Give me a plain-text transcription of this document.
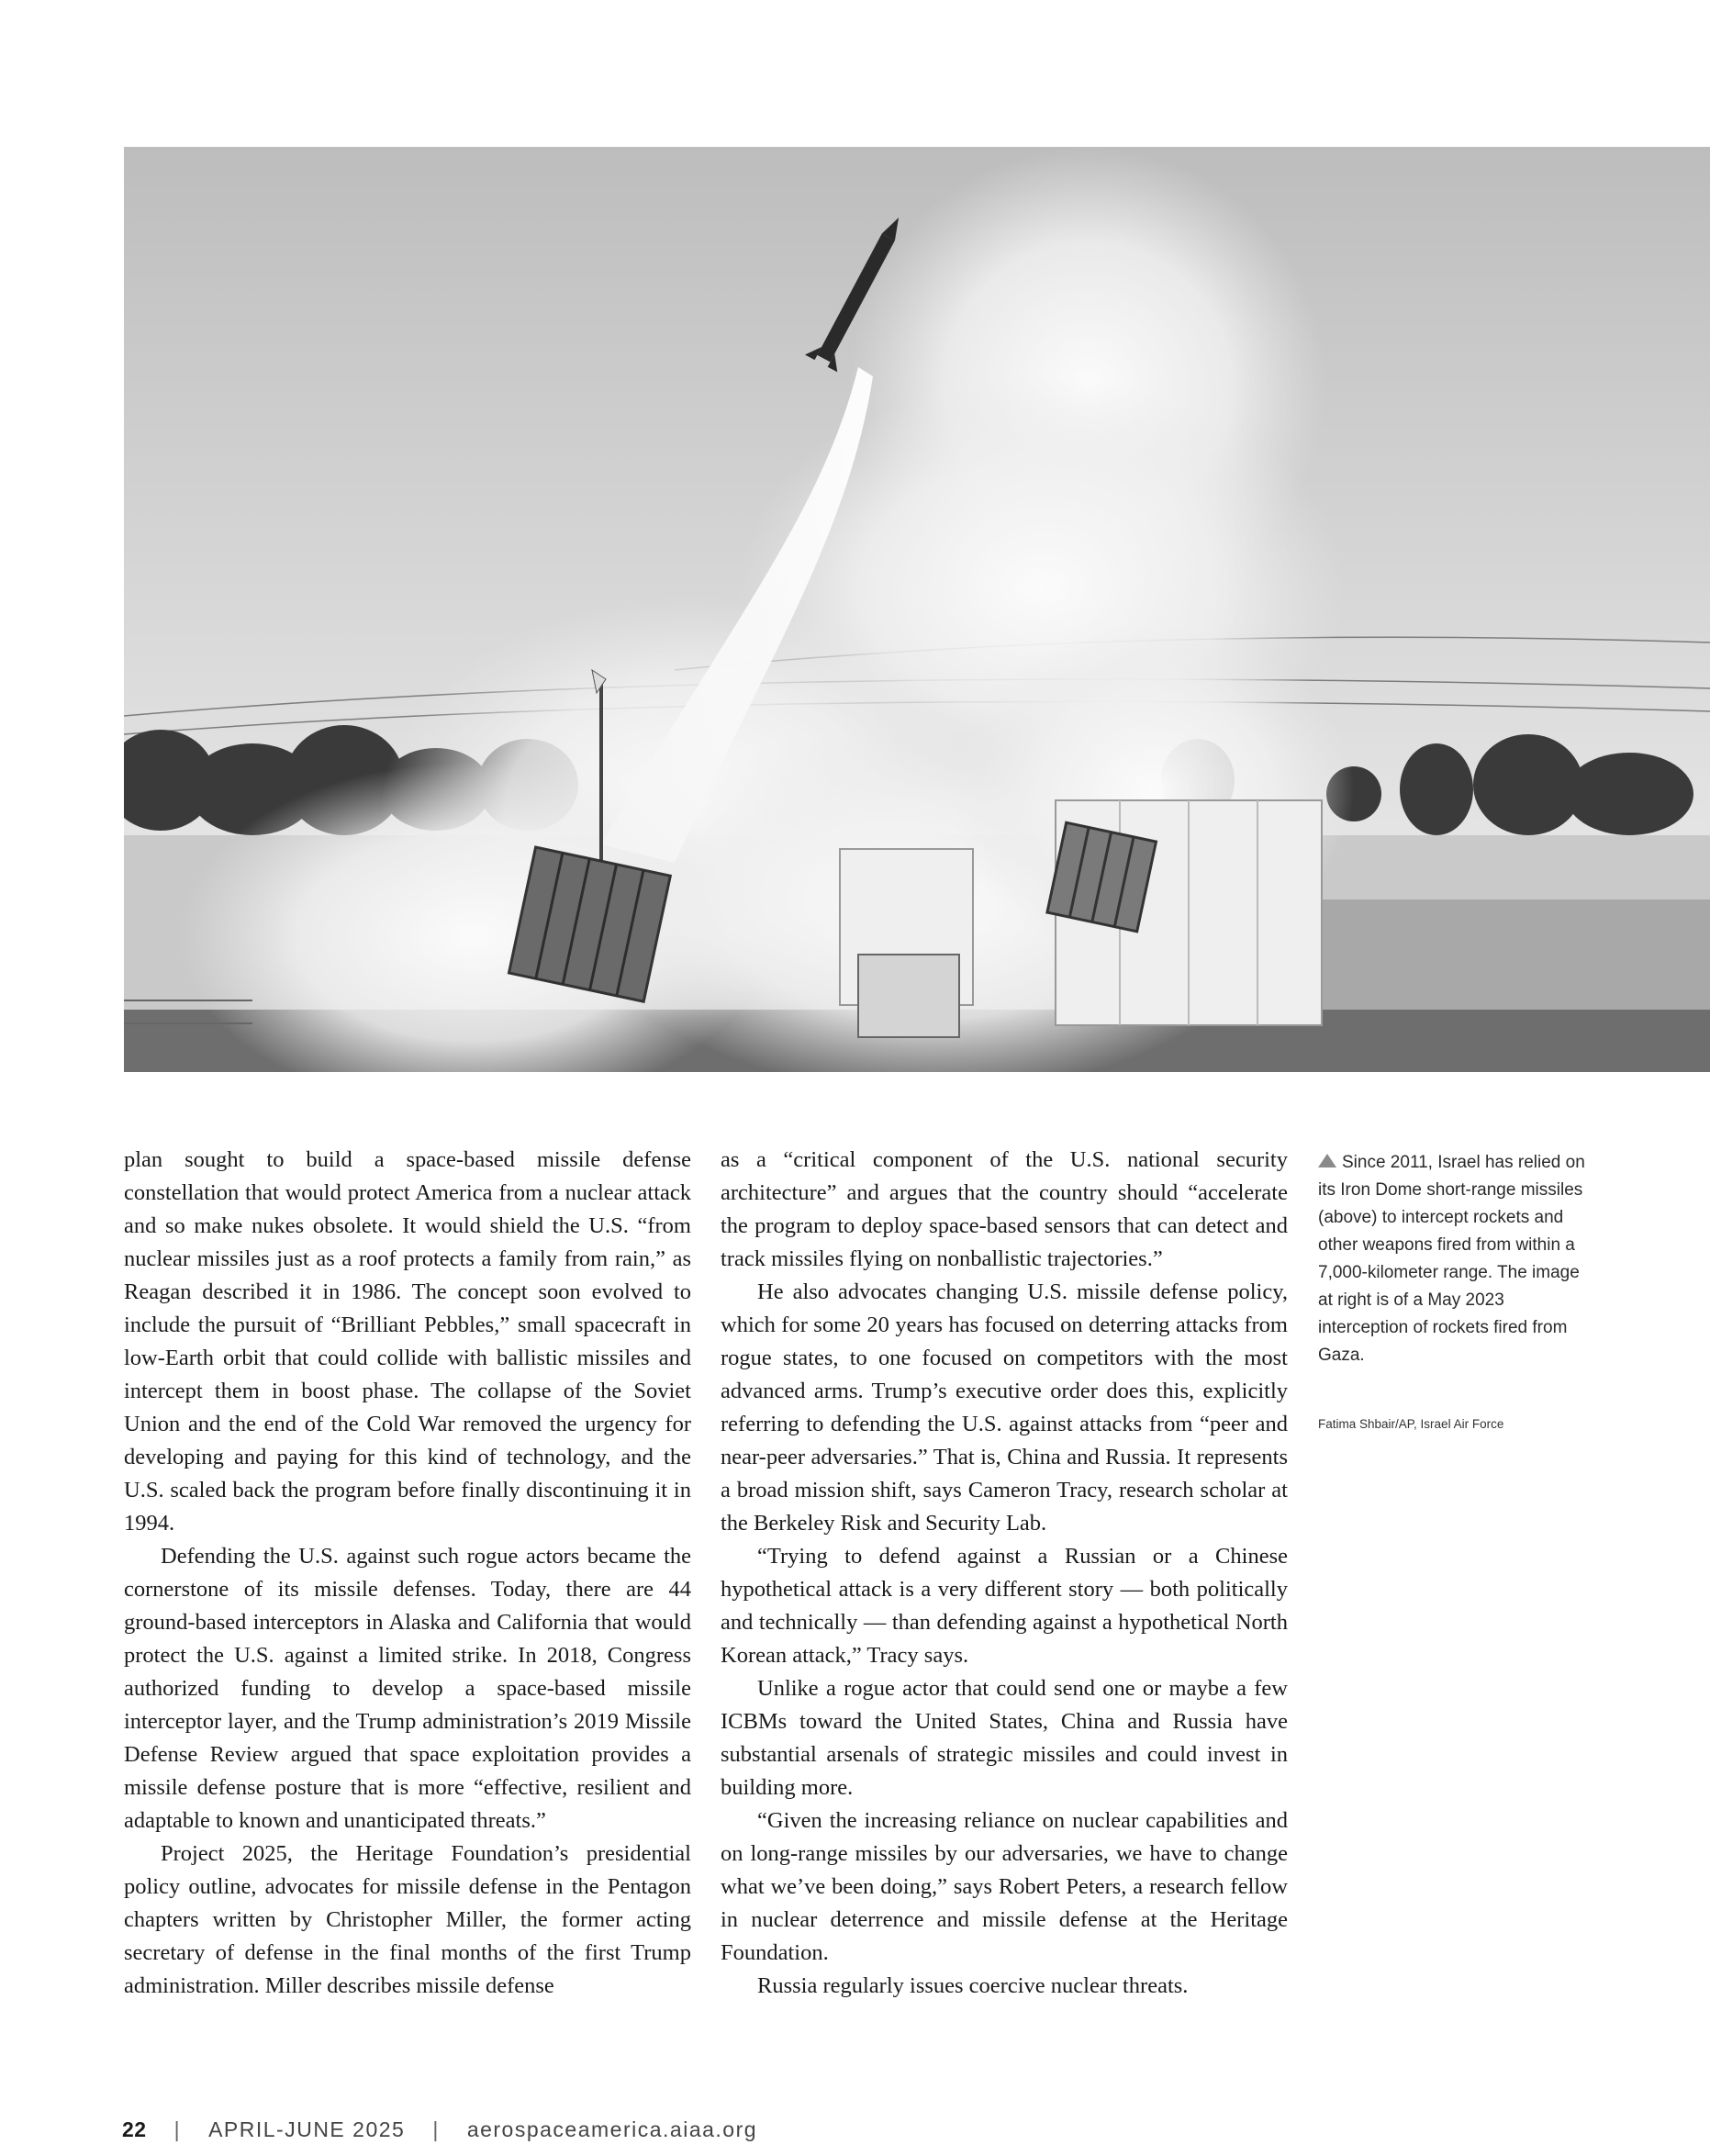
plan sought to build a space-based missile defense constellation that would protect America from a nuclear attack and so make nukes obsolete. It would shield the U.S. “from nuclear missiles just as a roof protects a family from rain,” as Reagan described it in 1986. The concept soon evolved to include the pursuit of “Brilliant Pebbles,” small spacecraft in low-Earth orbit that could collide with ballistic missiles and intercept them in boost phase. The collapse of the Soviet Union and the end of the Cold War removed the urgency for developing and paying for this kind of technology, and the U.S. scaled back the program before finally discontinuing it in 1994.

Defending the U.S. against such rogue actors became the cornerstone of its missile defenses. Today, there are 44 ground-based interceptors in Alaska and California that would protect the U.S. against a limited strike. In 2018, Congress authorized funding to develop a space-based missile interceptor layer, and the Trump administration’s 2019 Missile Defense Review argued that space exploitation provides a missile defense posture that is more “effective, resilient and adaptable to known and unanticipated threats.”

Project 2025, the Heritage Foundation’s presidential policy outline, advocates for missile defense in the Pentagon chapters written by Christopher Miller, the former acting secretary of defense in the final months of the first Trump administration. Miller describes missile defense

as a “critical component of the U.S. national security architecture” and argues that the country should “accelerate the program to deploy space-based sensors that can detect and track missiles flying on nonballistic trajectories.”

He also advocates changing U.S. missile defense policy, which for some 20 years has focused on deterring attacks from rogue states, to one focused on competitors with the most advanced arms. Trump’s executive order does this, explicitly referring to defending the U.S. against attacks from “peer and near-peer adversaries.” That is, China and Russia. It represents a broad mission shift, says Cameron Tracy, research scholar at the Berkeley Risk and Security Lab.

“Trying to defend against a Russian or a Chinese hypothetical attack is a very different story — both politically and technically — than defending against a hypothetical North Korean attack,” Tracy says.

Unlike a rogue actor that could send one or maybe a few ICBMs toward the United States, China and Russia have substantial arsenals of strategic missiles and could invest in building more.

“Given the increasing reliance on nuclear capabilities and on long-range missiles by our adversaries, we have to change what we’ve been doing,” says Robert Peters, a research fellow in nuclear deterrence and missile defense at the Heritage Foundation.

Russia regularly issues coercive nuclear threats.

Since 2011, Israel has relied on its Iron Dome short-range missiles (above) to intercept rockets and other weapons fired from within a 7,000-kilometer range. The image at right is of a May 2023 interception of rockets fired from Gaza.
Fatima Shbair/AP, Israel Air Force
22 | APRIL-JUNE 2025 | aerospaceamerica.aiaa.org
